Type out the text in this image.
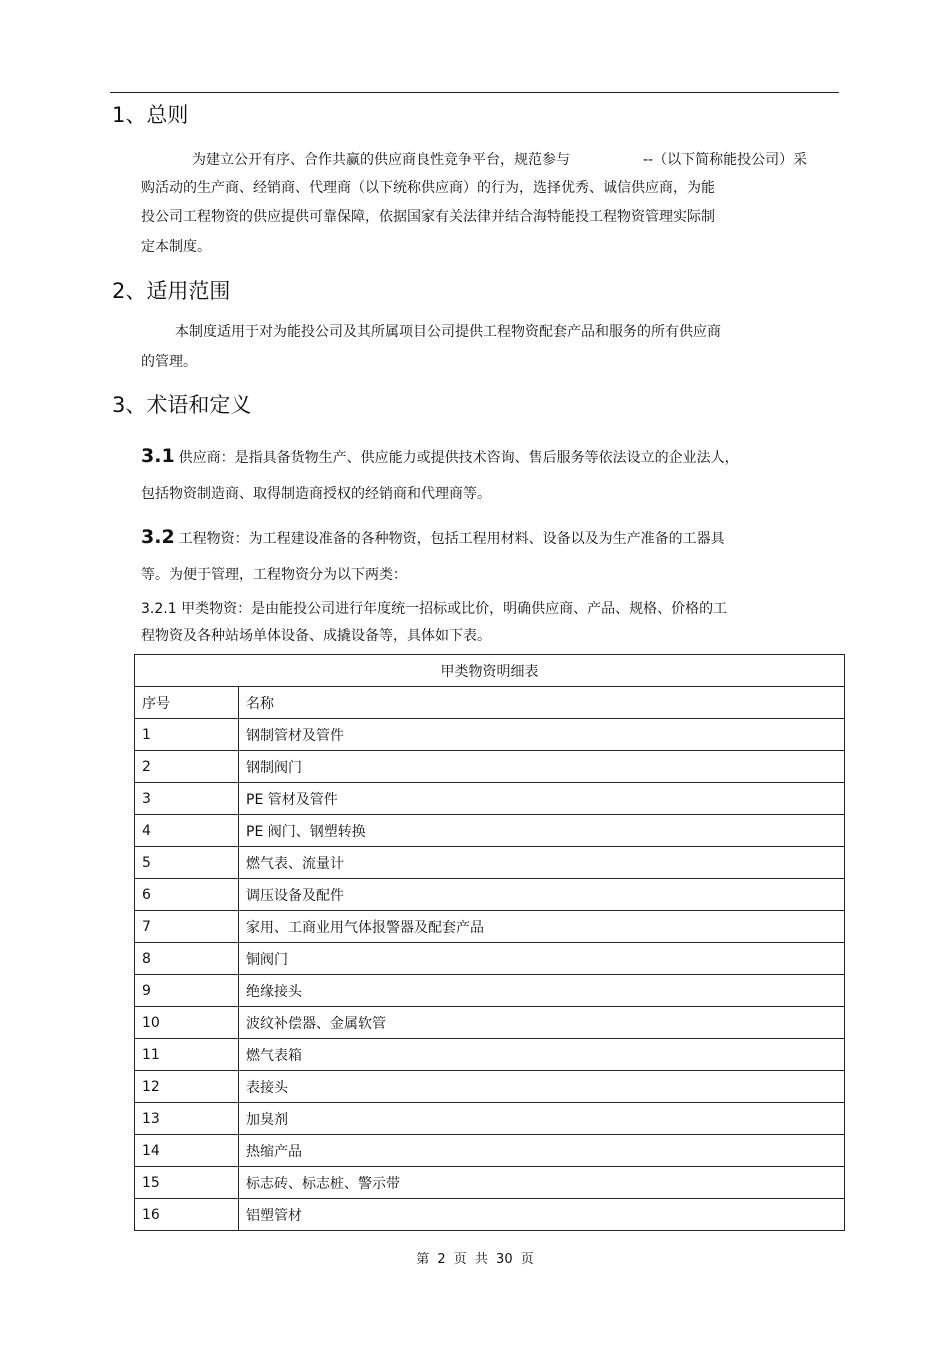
1、总则
为建立公开有序、合作共赢的供应商良性竞争平台，规范参与	--（以下简称能投公司）采
购活动的生产商、经销商、代理商（以下统称供应商）的行为，选择优秀、诚信供应商，为能
投公司工程物资的供应提供可靠保障，依据国家有关法律并结合海特能投工程物资管理实际制
定本制度。
2、适用范围
本制度适用于对为能投公司及其所属项目公司提供工程物资配套产品和服务的所有供应商
的管理。
3、术语和定义
3.1 供应商：是指具备货物生产、供应能力或提供技术咨询、售后服务等依法设立的企业法人，
包括物资制造商、取得制造商授权的经销商和代理商等。
3.2 工程物资：为工程建设准备的各种物资，包括工程用材料、设备以及为生产准备的工器具
等。为便于管理，工程物资分为以下两类：
3.2.1 甲类物资：是由能投公司进行年度统一招标或比价，明确供应商、产品、规格、价格的工
程物资及各种站场单体设备、成撬设备等，具体如下表。
甲类物资明细表	
序号	名称
1	钢制管材及管件
2	钢制阀门
3	PE 管材及管件
4	PE 阀门、钢塑转换
5	燃气表、流量计
6	调压设备及配件
7	家用、工商业用气体报警器及配套产品
8	铜阀门
9	绝缘接头
10	波纹补偿器、金属软管
11	燃气表箱
12	表接头
13	加臭剂
14	热缩产品
15	标志砖、标志桩、警示带
16	铝塑管材
第 2 页 共 30 页
